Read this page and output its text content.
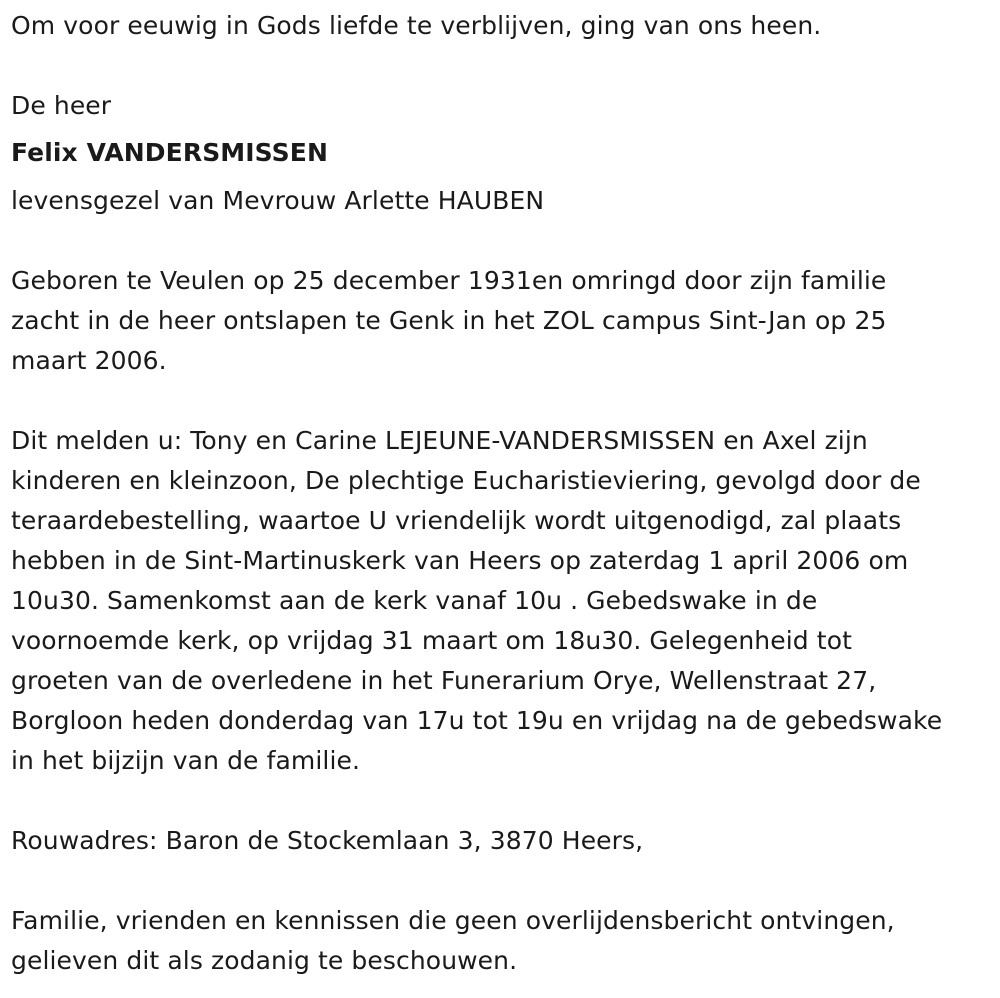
Om voor eeuwig in Gods liefde te verblijven, ging van ons heen.

De heer

Felix VANDERSMISSEN

levensgezel van Mevrouw Arlette HAUBEN

Geboren te Veulen op 25 december 1931en omringd door zijn familie

zacht in de heer ontslapen te Genk in het ZOL campus Sint-Jan op 25

maart 2006.

Dit melden u: Tony en Carine LEJEUNE-VANDERSMISSEN en Axel zijn

kinderen en kleinzoon, De plechtige Eucharistieviering, gevolgd door de

teraardebestelling, waartoe U vriendelijk wordt uitgenodigd, zal plaats

hebben in de Sint-Martinuskerk van Heers op zaterdag 1 april 2006 om

10u30. Samenkomst aan de kerk vanaf 10u . Gebedswake in de

voornoemde kerk, op vrijdag 31 maart om 18u30. Gelegenheid tot

groeten van de overledene in het Funerarium Orye, Wellenstraat 27,

Borgloon heden donderdag van 17u tot 19u en vrijdag na de gebedswake

in het bijzijn van de familie.

Rouwadres: Baron de Stockemlaan 3, 3870 Heers,

Familie, vrienden en kennissen die geen overlijdensbericht ontvingen,

gelieven dit als zodanig te beschouwen.
